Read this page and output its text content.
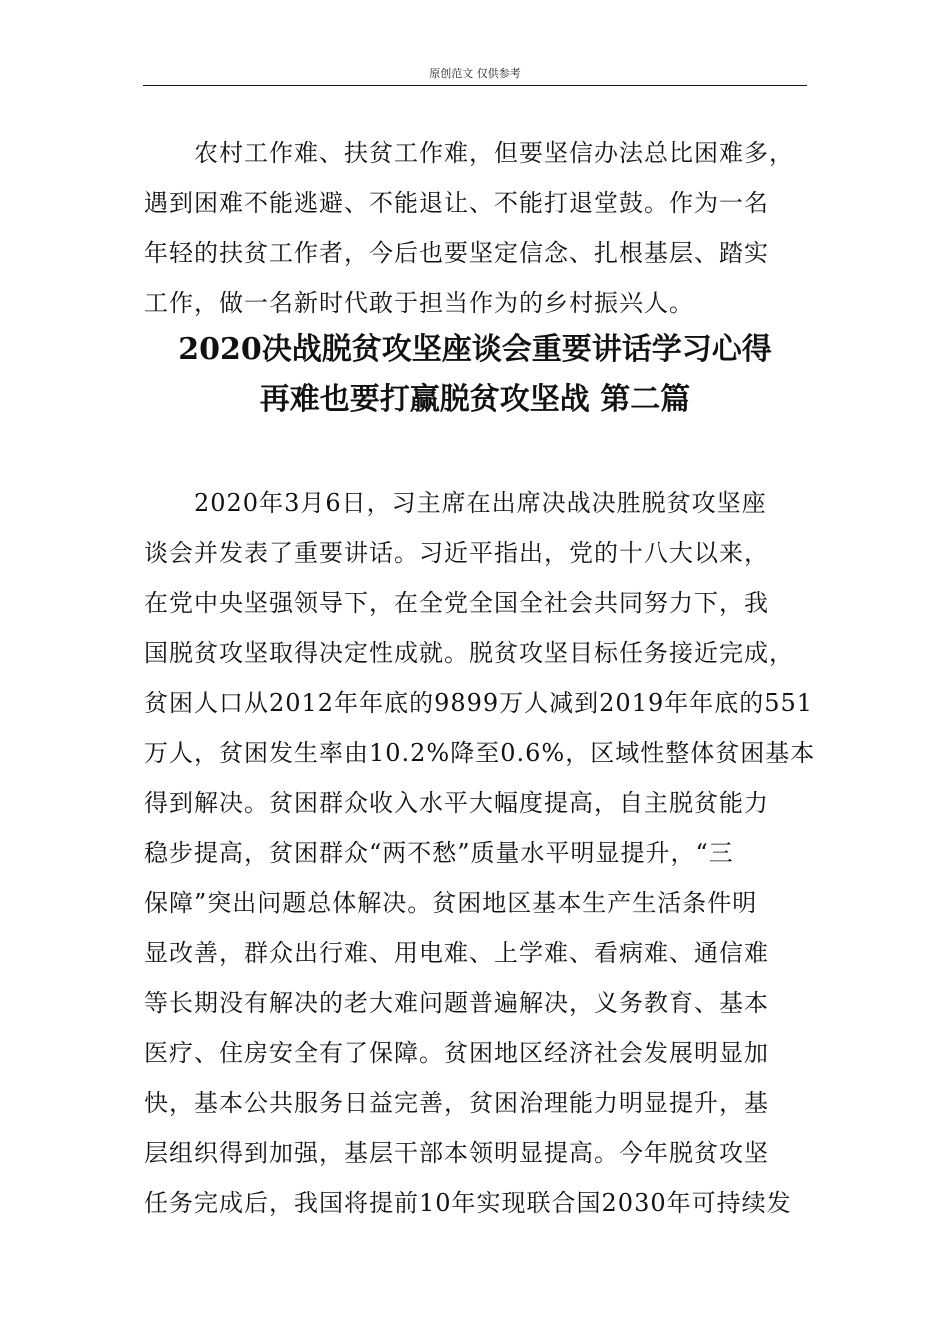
原创范文 仅供参考
　　农村工作难、扶贫工作难，但要坚信办法总比困难多，
遇到困难不能逃避、不能退让、不能打退堂鼓。作为一名
年轻的扶贫工作者，今后也要坚定信念、扎根基层、踏实
工作，做一名新时代敢于担当作为的乡村振兴人。
2020决战脱贫攻坚座谈会重要讲话学习心得
再难也要打赢脱贫攻坚战 第二篇
　　2020年3月6日，习主席在出席决战决胜脱贫攻坚座
谈会并发表了重要讲话。习近平指出，党的十八大以来，
在党中央坚强领导下，在全党全国全社会共同努力下，我
国脱贫攻坚取得决定性成就。脱贫攻坚目标任务接近完成，
贫困人口从2012年年底的9899万人减到2019年年底的551
万人，贫困发生率由10.2%降至0.6%，区域性整体贫困基本
得到解决。贫困群众收入水平大幅度提高，自主脱贫能力
稳步提高，贫困群众“两不愁”质量水平明显提升，“三
保障”突出问题总体解决。贫困地区基本生产生活条件明
显改善，群众出行难、用电难、上学难、看病难、通信难
等长期没有解决的老大难问题普遍解决，义务教育、基本
医疗、住房安全有了保障。贫困地区经济社会发展明显加
快，基本公共服务日益完善，贫困治理能力明显提升，基
层组织得到加强，基层干部本领明显提高。今年脱贫攻坚
任务完成后，我国将提前10年实现联合国2030年可持续发
